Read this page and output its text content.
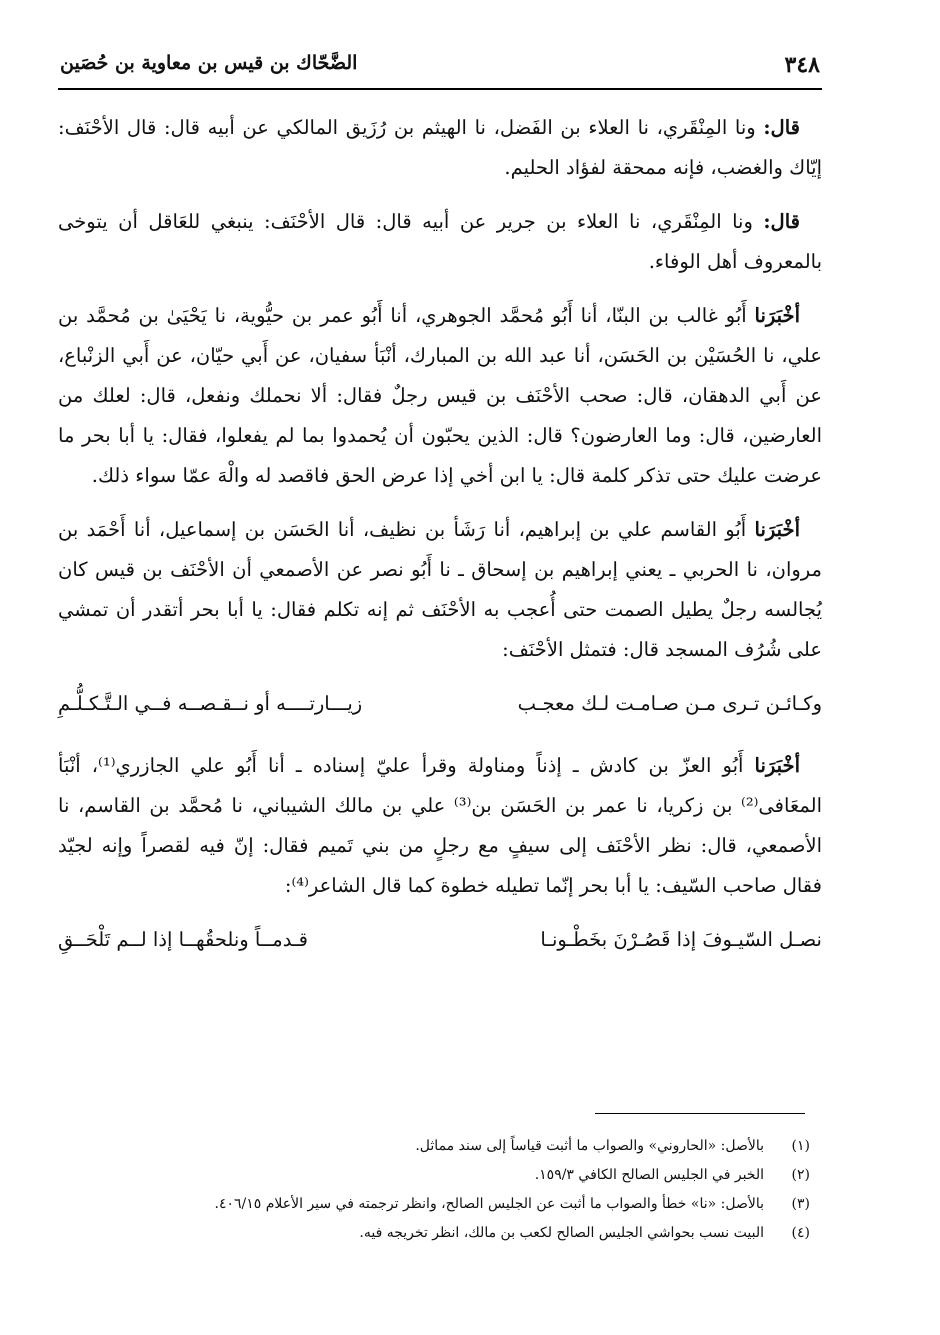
٣٤٨
الضَّحّاك بن قيس بن معاوية بن حُصَين

قال: ونا المِنْقَري، نا العلاء بن الفَضل، نا الهيثم بن رُزَيق المالكي عن أبيه قال: قال الأحْنَف: إيّاك والغضب، فإنه ممحقة لفؤاد الحليم.

قال: ونا المِنْقَري، نا العلاء بن جرير عن أبيه قال: قال الأحْنَف: ينبغي للعَاقل أن يتوخى بالمعروف أهل الوفاء.

أخْبَرَنا أَبُو غالب بن البنّا، أنا أَبُو مُحمَّد الجوهري، أنا أَبُو عمر بن حيُّوية، نا يَحْيَىٰ بن مُحمَّد بن علي، نا الحُسَيْن بن الحَسَن، أنا عبد الله بن المبارك، أنْبَأ سفيان، عن أَبي حيّان، عن أَبي الزنْباع، عن أَبي الدهقان، قال: صحب الأحْنَف بن قيس رجلٌ فقال: ألا نحملك ونفعل، قال: لعلك من العارضين، قال: وما العارضون؟ قال: الذين يحبّون أن يُحمدوا بما لم يفعلوا، فقال: يا أبا بحر ما عرضت عليك حتى تذكر كلمة قال: يا ابن أخي إذا عرض الحق فاقصد له والْهَ عمّا سواء ذلك.

أخْبَرَنا أَبُو القاسم علي بن إبراهيم، أنا رَشَأ بن نظيف، أنا الحَسَن بن إسماعيل، أنا أَحْمَد بن مروان، نا الحربي ـ يعني إبراهيم بن إسحاق ـ نا أَبُو نصر عن الأصمعي أن الأحْنَف بن قيس كان يُجالسه رجلٌ يطيل الصمت حتى أُعجب به الأحْنَف ثم إنه تكلم فقال: يا أبا بحر أتقدر أن تمشي على شُرُف المسجد قال: فتمثل الأحْنَف:

وكـائـن تـرى مـن صـامـت لـك معجـب
زيـــارتــــه أو نــقـصــه فــي الـتَّـكـلُّـمِ

أخْبَرَنا أَبُو العزّ بن كادش ـ إذناً ومناولة وقرأ عليّ إسناده ـ أنا أَبُو علي الجازري⁽¹⁾، أنْبَأ المعَافى⁽²⁾ بن زكريا، نا عمر بن الحَسَن بن⁽³⁾ علي بن مالك الشيباني، نا مُحمَّد بن القاسم، نا الأصمعي، قال: نظر الأحْنَف إلى سيفٍ مع رجلٍ من بني تَميم فقال: إنّ فيه لقصراً وإنه لجيّد فقال صاحب السّيف: يا أبا بحر إنّما تطيله خطوة كما قال الشاعر⁽⁴⁾:

نصـل السّيـوفَ إذا قَصُـرْنَ بخَطْـونـا
قـدمــاً ونلحقُهــا إذا لــم تَلْحَــقِ
(١)
بالأصل: «الحاروني» والصواب ما أثبت قياساً إلى سند مماثل.
(٢)
الخبر في الجليس الصالح الكافي ١٥٩/٣.
(٣)
بالأصل: «نا» خطأ والصواب ما أثبت عن الجليس الصالح، وانظر ترجمته في سير الأعلام ٤٠٦/١٥.
(٤)
البيت نسب بحواشي الجليس الصالح لكعب بن مالك، انظر تخريجه فيه.
